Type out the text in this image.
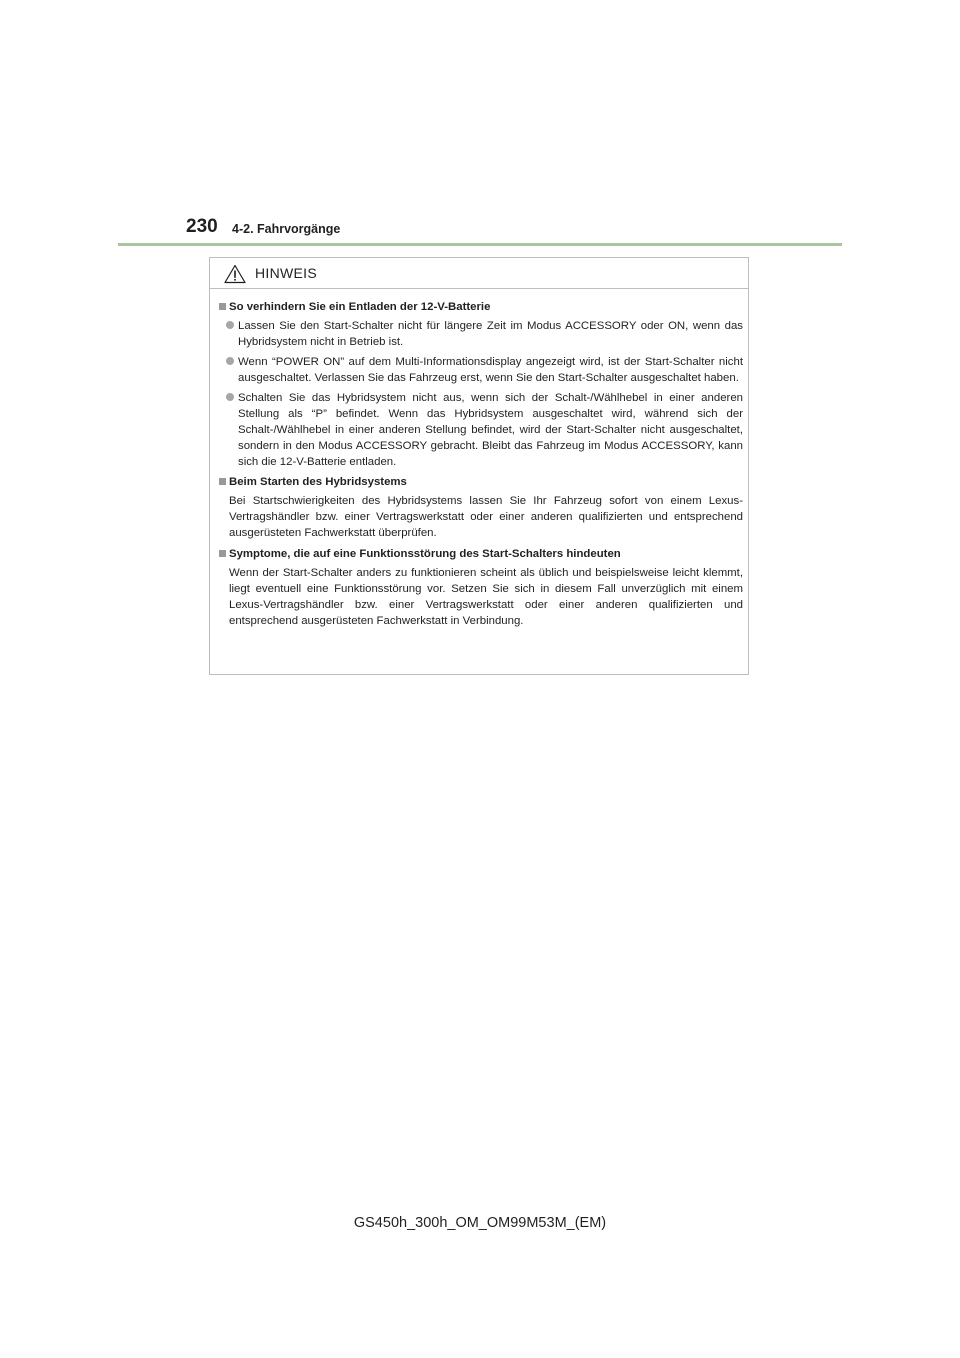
230 4-2. Fahrvorgänge
HINWEIS
So verhindern Sie ein Entladen der 12-V-Batterie
Lassen Sie den Start-Schalter nicht für längere Zeit im Modus ACCESSORY oder ON, wenn das Hybridsystem nicht in Betrieb ist.
Wenn “POWER ON” auf dem Multi-Informationsdisplay angezeigt wird, ist der Start-Schalter nicht ausgeschaltet. Verlassen Sie das Fahrzeug erst, wenn Sie den Start-Schalter ausgeschaltet haben.
Schalten Sie das Hybridsystem nicht aus, wenn sich der Schalt-/Wählhebel in einer anderen Stellung als “P” befindet. Wenn das Hybridsystem ausgeschaltet wird, während sich der Schalt-/Wählhebel in einer anderen Stellung befindet, wird der Start-Schalter nicht ausgeschaltet, sondern in den Modus ACCESSORY gebracht. Bleibt das Fahrzeug im Modus ACCESSORY, kann sich die 12-V-Batterie entladen.
Beim Starten des Hybridsystems
Bei Startschwierigkeiten des Hybridsystems lassen Sie Ihr Fahrzeug sofort von einem Lexus-Vertragshändler bzw. einer Vertragswerkstatt oder einer anderen qualifizierten und entsprechend ausgerüsteten Fachwerkstatt überprüfen.
Symptome, die auf eine Funktionsstörung des Start-Schalters hindeuten
Wenn der Start-Schalter anders zu funktionieren scheint als üblich und beispielsweise leicht klemmt, liegt eventuell eine Funktionsstörung vor. Setzen Sie sich in diesem Fall unverzüglich mit einem Lexus-Vertragshändler bzw. einer Vertragswerkstatt oder einer anderen qualifizierten und entsprechend ausgerüsteten Fachwerkstatt in Verbindung.
GS450h_300h_OM_OM99M53M_(EM)
